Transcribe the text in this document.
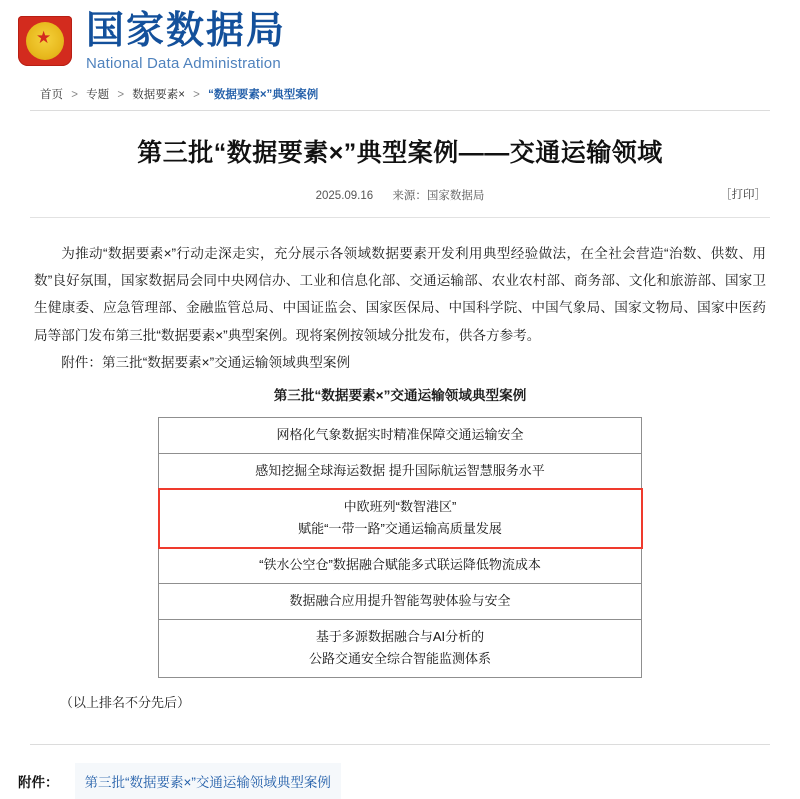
★ 国家数据局
National Data Administration
首页 > 专题 > 数据要素× > “数据要素×”典型案例
第三批“数据要素×”典型案例——交通运输领域
2025.09.16 来源：国家数据局	［打印］

为推动“数据要素×”行动走深走实，充分展示各领域数据要素开发利用典型经验做法，在全社会营造“治数、供数、用数”良好氛围，国家数据局会同中央网信办、工业和信息化部、交通运输部、农业农村部、商务部、文化和旅游部、国家卫生健康委、应急管理部、金融监管总局、中国证监会、国家医保局、中国科学院、中国气象局、国家文物局、国家中医药局等部门发布第三批“数据要素×”典型案例。现将案例按领域分批发布，供各方参考。

附件：第三批“数据要素×”交通运输领域典型案例

第三批“数据要素×”交通运输领域典型案例
网格化气象数据实时精准保障交通运输安全
感知挖掘全球海运数据 提升国际航运智慧服务水平
中欧班列“数智港区”
赋能“一带一路”交通运输高质量发展
“铁水公空仓”数据融合赋能多式联运降低物流成本
数据融合应用提升智能驾驶体验与安全
基于多源数据融合与AI分析的
公路交通安全综合智能监测体系
（以上排名不分先后）
附件：	第三批“数据要素×”交通运输领域典型案例
